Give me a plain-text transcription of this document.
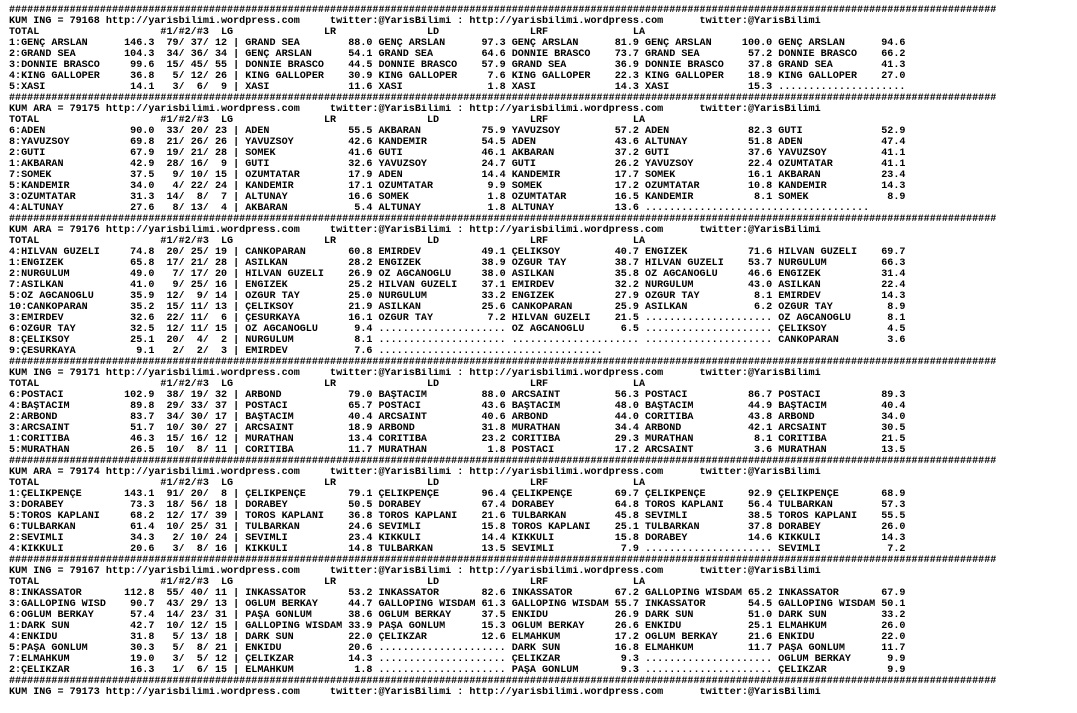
###################################################################################################################################################################
KUM ING = 79168 http://yarisbilimi.wordpress.com     twitter:@YarisBilimi : http://yarisbilimi.wordpress.com      twitter:@YarisBilimi
TOTAL                    #1/#2/#3  LG               LR               LD               LRF              LA
1:GENÇ ARSLAN      146.3  79/ 37/ 12 | GRAND SEA        88.0 GENÇ ARSLAN      97.3 GENÇ ARSLAN      81.9 GENÇ ARSLAN     100.0 GENÇ ARSLAN      94.6
2:GRAND SEA        104.3  34/ 36/ 34 | GENÇ ARSLAN      54.1 GRAND SEA        64.6 DONNIE BRASCO    73.7 GRAND SEA        57.2 DONNIE BRASCO    66.2
3:DONNIE BRASCO     99.6  15/ 45/ 55 | DONNIE BRASCO    44.5 DONNIE BRASCO    57.9 GRAND SEA        36.9 DONNIE BRASCO    37.8 GRAND SEA        41.3
4:KING GALLOPER     36.8   5/ 12/ 26 | KING GALLOPER    30.9 KING GALLOPER     7.6 KING GALLOPER    22.3 KING GALLOPER    18.9 KING GALLOPER    27.0
5:XASİ              14.1   3/  6/  9 | XASİ             11.6 XASİ              1.8 XASİ             14.3 XASİ             15.3 .....................
###################################################################################################################################################################
KUM ARA = 79175 http://yarisbilimi.wordpress.com     twitter:@YarisBilimi : http://yarisbilimi.wordpress.com      twitter:@YarisBilimi
TOTAL                    #1/#2/#3  LG               LR               LD               LRF              LA
6:ADEN              90.0  33/ 20/ 23 | ADEN             55.5 AKBARAN          75.9 YAVUZSOY         57.2 ADEN             82.3 GUTİ             52.9
8:YAVUZSOY          69.8  21/ 26/ 26 | YAVUZSOY         42.6 KANDEMİR         54.5 ADEN             43.6 ALTUNAY          51.8 ADEN             47.4
2:GUTİ              67.9  19/ 21/ 28 | SÖMEK            41.6 GUTİ             46.1 AKBARAN          37.2 GUTİ             37.6 YAVUZSOY         41.1
1:AKBARAN           42.9  28/ 16/  9 | GUTİ             32.6 YAVUZSOY         24.7 GUTİ             26.2 YAVUZSOY         22.4 ÖZÜMTATAR        41.1
7:SÖMEK             37.5   9/ 10/ 15 | ÖZÜMTATAR        17.9 ADEN             14.4 KANDEMİR         17.7 SÖMEK            16.1 AKBARAN          23.4
5:KANDEMİR          34.0   4/ 22/ 24 | KANDEMİR         17.1 ÖZÜMTATAR         9.9 SÖMEK            17.2 ÖZÜMTATAR        10.8 KANDEMİR         14.3
3:ÖZÜMTATAR         31.3  14/  8/  7 | ALTUNAY          16.6 SÖMEK             1.8 ÖZÜMTATAR        16.5 KANDEMİR          8.1 SÖMEK             8.9
4:ALTUNAY           27.6   8/ 13/  4 | AKBARAN           5.4 ALTUNAY           1.8 ALTUNAY          13.6 .....................................
###################################################################################################################################################################
KUM ARA = 79176 http://yarisbilimi.wordpress.com     twitter:@YarisBilimi : http://yarisbilimi.wordpress.com      twitter:@YarisBilimi
TOTAL                    #1/#2/#3  LG               LR               LD               LRF              LA
4:HİLVAN GÜZELİ     74.8  20/ 25/ 19 | CANKOPARAN       60.8 EMİRDEV          49.1 ÇELİKSOY         40.7 ENGİZEK          71.6 HİLVAN GÜZELİ    69.7
1:ENGİZEK           65.8  17/ 21/ 28 | ASİLKAN          28.2 ENGİZEK          38.9 ÖZGÜR TAY        38.7 HİLVAN GÜZELİ    53.7 NURGÜLÜM         66.3
2:NURGÜLÜM          49.0   7/ 17/ 20 | HİLVAN GÜZELİ    26.9 ÖZ AĞCANOĞLU     38.0 ASİLKAN          35.8 ÖZ AĞCANOĞLU     46.6 ENGİZEK          31.4
7:ASİLKAN           41.0   9/ 25/ 16 | ENGİZEK          25.2 HİLVAN GÜZELİ    37.1 EMİRDEV          32.2 NURGÜLÜM         43.0 ASİLKAN          22.4
5:ÖZ AĞCANOĞLU      35.9  12/  9/ 14 | ÖZGÜR TAY        25.0 NURGÜLÜM         33.2 ENGİZEK          27.9 ÖZGÜR TAY         8.1 EMİRDEV          14.3
10:CANKOPARAN       35.2  15/ 11/ 13 | ÇELİKSOY         21.9 ASİLKAN          25.6 CANKOPARAN       25.9 ASİLKAN           6.2 ÖZGÜR TAY         8.9
3:EMİRDEV           32.6  22/ 11/  6 | ÇESURKAYA        16.1 ÖZGÜR TAY         7.2 HİLVAN GÜZELİ    21.5 ..................... ÖZ AĞCANOĞLU      8.1
6:ÖZGÜR TAY         32.5  12/ 11/ 15 | ÖZ AĞCANOĞLU      9.4 ..................... ÖZ AĞCANOĞLU      6.5 ..................... ÇELİKSOY          4.5
8:ÇELİKSOY          25.1  20/  4/  2 | NURGÜLÜM          8.1 ..................... ..................... ..................... CANKOPARAN        3.6
9:ÇESURKAYA          9.1   2/  2/  3 | EMİRDEV           7.6 .....................................
###################################################################################################################################################################
KUM ING = 79171 http://yarisbilimi.wordpress.com     twitter:@YarisBilimi : http://yarisbilimi.wordpress.com      twitter:@YarisBilimi
TOTAL                    #1/#2/#3  LG               LR               LD               LRF              LA
6:POSTACI          102.9  38/ 19/ 32 | ARBOND           79.0 BAŞTACIM         88.0 ARCSAINT         56.3 POSTACI          86.7 POSTACI          89.3
4:BAŞTACIM          89.8  29/ 33/ 37 | POSTACI          65.7 POSTACI          43.6 BAŞTACIM         48.0 BAŞTACIM         44.9 BAŞTACIM         40.4
2:ARBOND            83.7  34/ 30/ 17 | BAŞTACIM         40.4 ARCSAINT         40.6 ARBOND           44.0 CORITIBA         43.8 ARBOND           34.0
3:ARCSAINT          51.7  10/ 30/ 27 | ARCSAINT         18.9 ARBOND           31.8 MURATHAN         34.4 ARBOND           42.1 ARCSAINT         30.5
1:CORITIBA          46.3  15/ 16/ 12 | MURATHAN         13.4 CORITIBA         23.2 CORITIBA         29.3 MURATHAN          8.1 CORITIBA         21.5
5:MURATHAN          26.5  10/  8/ 11 | CORITIBA         11.7 MURATHAN          1.8 POSTACI          17.2 ARCSAINT          3.6 MURATHAN         13.5
###################################################################################################################################################################
KUM ARA = 79174 http://yarisbilimi.wordpress.com     twitter:@YarisBilimi : http://yarisbilimi.wordpress.com      twitter:@YarisBilimi
TOTAL                    #1/#2/#3  LG               LR               LD               LRF              LA
1:ÇELİKPENÇE       143.1  91/ 20/  8 | ÇELİKPENÇE       79.1 ÇELİKPENÇE       96.4 ÇELİKPENÇE       69.7 ÇELİKPENÇE       92.9 ÇELİKPENÇE       68.9
3:DORABEY           73.3  18/ 56/ 18 | DORABEY          50.5 DORABEY          67.4 DORABEY          64.8 TOROS KAPLANI    56.4 TULBARKAN        57.3
5:TOROS KAPLANI     68.2  12/ 17/ 39 | TOROS KAPLANI    36.8 TOROS KAPLANI    21.6 TULBARKAN        45.8 SEVİMLİ          38.5 TOROS KAPLANI    55.5
6:TULBARKAN         61.4  10/ 25/ 31 | TULBARKAN        24.6 SEVİMLİ          15.8 TOROS KAPLANI    25.1 TULBARKAN        37.8 DORABEY          26.0
2:SEVİMLİ           34.3   2/ 10/ 24 | SEVİMLİ          23.4 KIKKULİ          14.4 KIKKULİ          15.8 DORABEY          14.6 KIKKULİ          14.3
4:KIKKULİ           20.6   3/  8/ 16 | KIKKULİ          14.8 TULBARKAN        13.5 SEVİMLİ           7.9 ..................... SEVİMLİ           7.2
###################################################################################################################################################################
KUM ING = 79167 http://yarisbilimi.wordpress.com     twitter:@YarisBilimi : http://yarisbilimi.wordpress.com      twitter:@YarisBilimi
TOTAL                    #1/#2/#3  LG               LR               LD               LRF              LA
8:INKASSATOR       112.8  55/ 40/ 11 | INKASSATOR       53.2 INKASSATOR       82.6 INKASSATOR       67.2 GALLOPING WISDAM 65.2 INKASSATOR       67.9
3:GALLOPING WISD    90.7  43/ 29/ 13 | OĞLUM BERKAY     44.7 GALLOPING WISDAM 61.3 GALLOPING WISDAM 55.7 INKASSATOR       54.5 GALLOPING WISDAM 50.1
6:OĞLUM BERKAY      57.4  14/ 23/ 31 | PAŞA GÖNLÜM      38.6 OĞLUM BERKAY     37.5 ENKİDU           26.9 DARK SUN         51.0 DARK SUN         33.2
1:DARK SUN          42.7  10/ 12/ 15 | GALLOPING WISDAM 33.9 PAŞA GÖNLÜM      15.3 OĞLUM BERKAY     26.6 ENKİDU           25.1 ELMAHKUM         26.0
4:ENKİDU            31.8   5/ 13/ 18 | DARK SUN         22.0 ÇELİKZAR         12.6 ELMAHKUM         17.2 OĞLUM BERKAY     21.6 ENKİDU           22.0
5:PAŞA GÖNLÜM       30.3   5/  8/ 21 | ENKİDU           20.6 ..................... DARK SUN         16.8 ELMAHKUM         11.7 PAŞA GÖNLÜM      11.7
7:ELMAHKUM          19.0   3/  5/ 12 | ÇELİKZAR         14.3 ..................... ÇELİKZAR          9.3 ..................... OĞLUM BERKAY      9.9
2:ÇELİKZAR          16.3   1/  6/ 15 | ELMAHKUM          1.8 ..................... PAŞA GÖNLÜM       9.3 ..................... ÇELİKZAR          9.9
###################################################################################################################################################################
KUM ING = 79173 http://yarisbilimi.wordpress.com     twitter:@YarisBilimi : http://yarisbilimi.wordpress.com      twitter:@YarisBilimi
